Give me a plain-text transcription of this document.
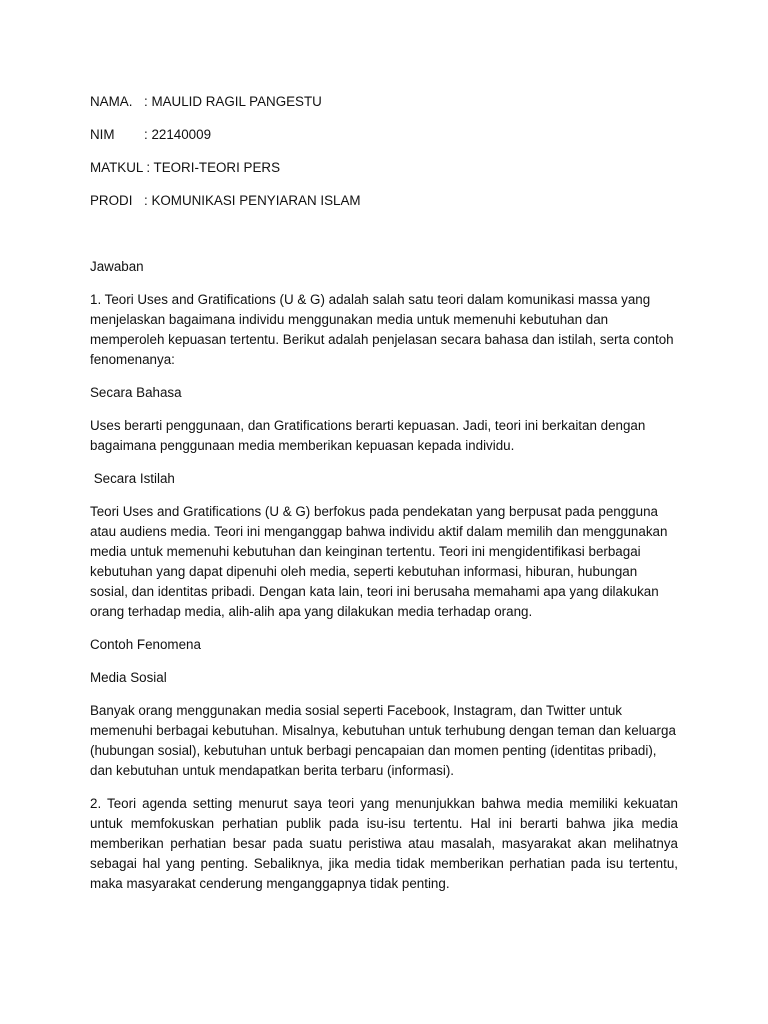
NAMA. : MAULID RAGIL PANGESTU
NIM	: 22140009
MATKUL : TEORI-TEORI PERS
PRODI : KOMUNIKASI PENYIARAN ISLAM
Jawaban

1. Teori Uses and Gratifications (U & G) adalah salah satu teori dalam komunikasi massa yang menjelaskan bagaimana individu menggunakan media untuk memenuhi kebutuhan dan memperoleh kepuasan tertentu. Berikut adalah penjelasan secara bahasa dan istilah, serta contoh fenomenanya:

Secara Bahasa

Uses berarti penggunaan, dan Gratifications berarti kepuasan. Jadi, teori ini berkaitan dengan bagaimana penggunaan media memberikan kepuasan kepada individu.

Secara Istilah

Teori Uses and Gratifications (U & G) berfokus pada pendekatan yang berpusat pada pengguna atau audiens media. Teori ini menganggap bahwa individu aktif dalam memilih dan menggunakan media untuk memenuhi kebutuhan dan keinginan tertentu. Teori ini mengidentifikasi berbagai kebutuhan yang dapat dipenuhi oleh media, seperti kebutuhan informasi, hiburan, hubungan sosial, dan identitas pribadi. Dengan kata lain, teori ini berusaha memahami apa yang dilakukan orang terhadap media, alih-alih apa yang dilakukan media terhadap orang.

Contoh Fenomena
Media Sosial

Banyak orang menggunakan media sosial seperti Facebook, Instagram, dan Twitter untuk memenuhi berbagai kebutuhan. Misalnya, kebutuhan untuk terhubung dengan teman dan keluarga (hubungan sosial), kebutuhan untuk berbagi pencapaian dan momen penting (identitas pribadi), dan kebutuhan untuk mendapatkan berita terbaru (informasi).

2. Teori agenda setting menurut saya teori yang menunjukkan bahwa media memiliki kekuatan untuk memfokuskan perhatian publik pada isu-isu tertentu. Hal ini berarti bahwa jika media memberikan perhatian besar pada suatu peristiwa atau masalah, masyarakat akan melihatnya sebagai hal yang penting. Sebaliknya, jika media tidak memberikan perhatian pada isu tertentu, maka masyarakat cenderung menganggapnya tidak penting.
